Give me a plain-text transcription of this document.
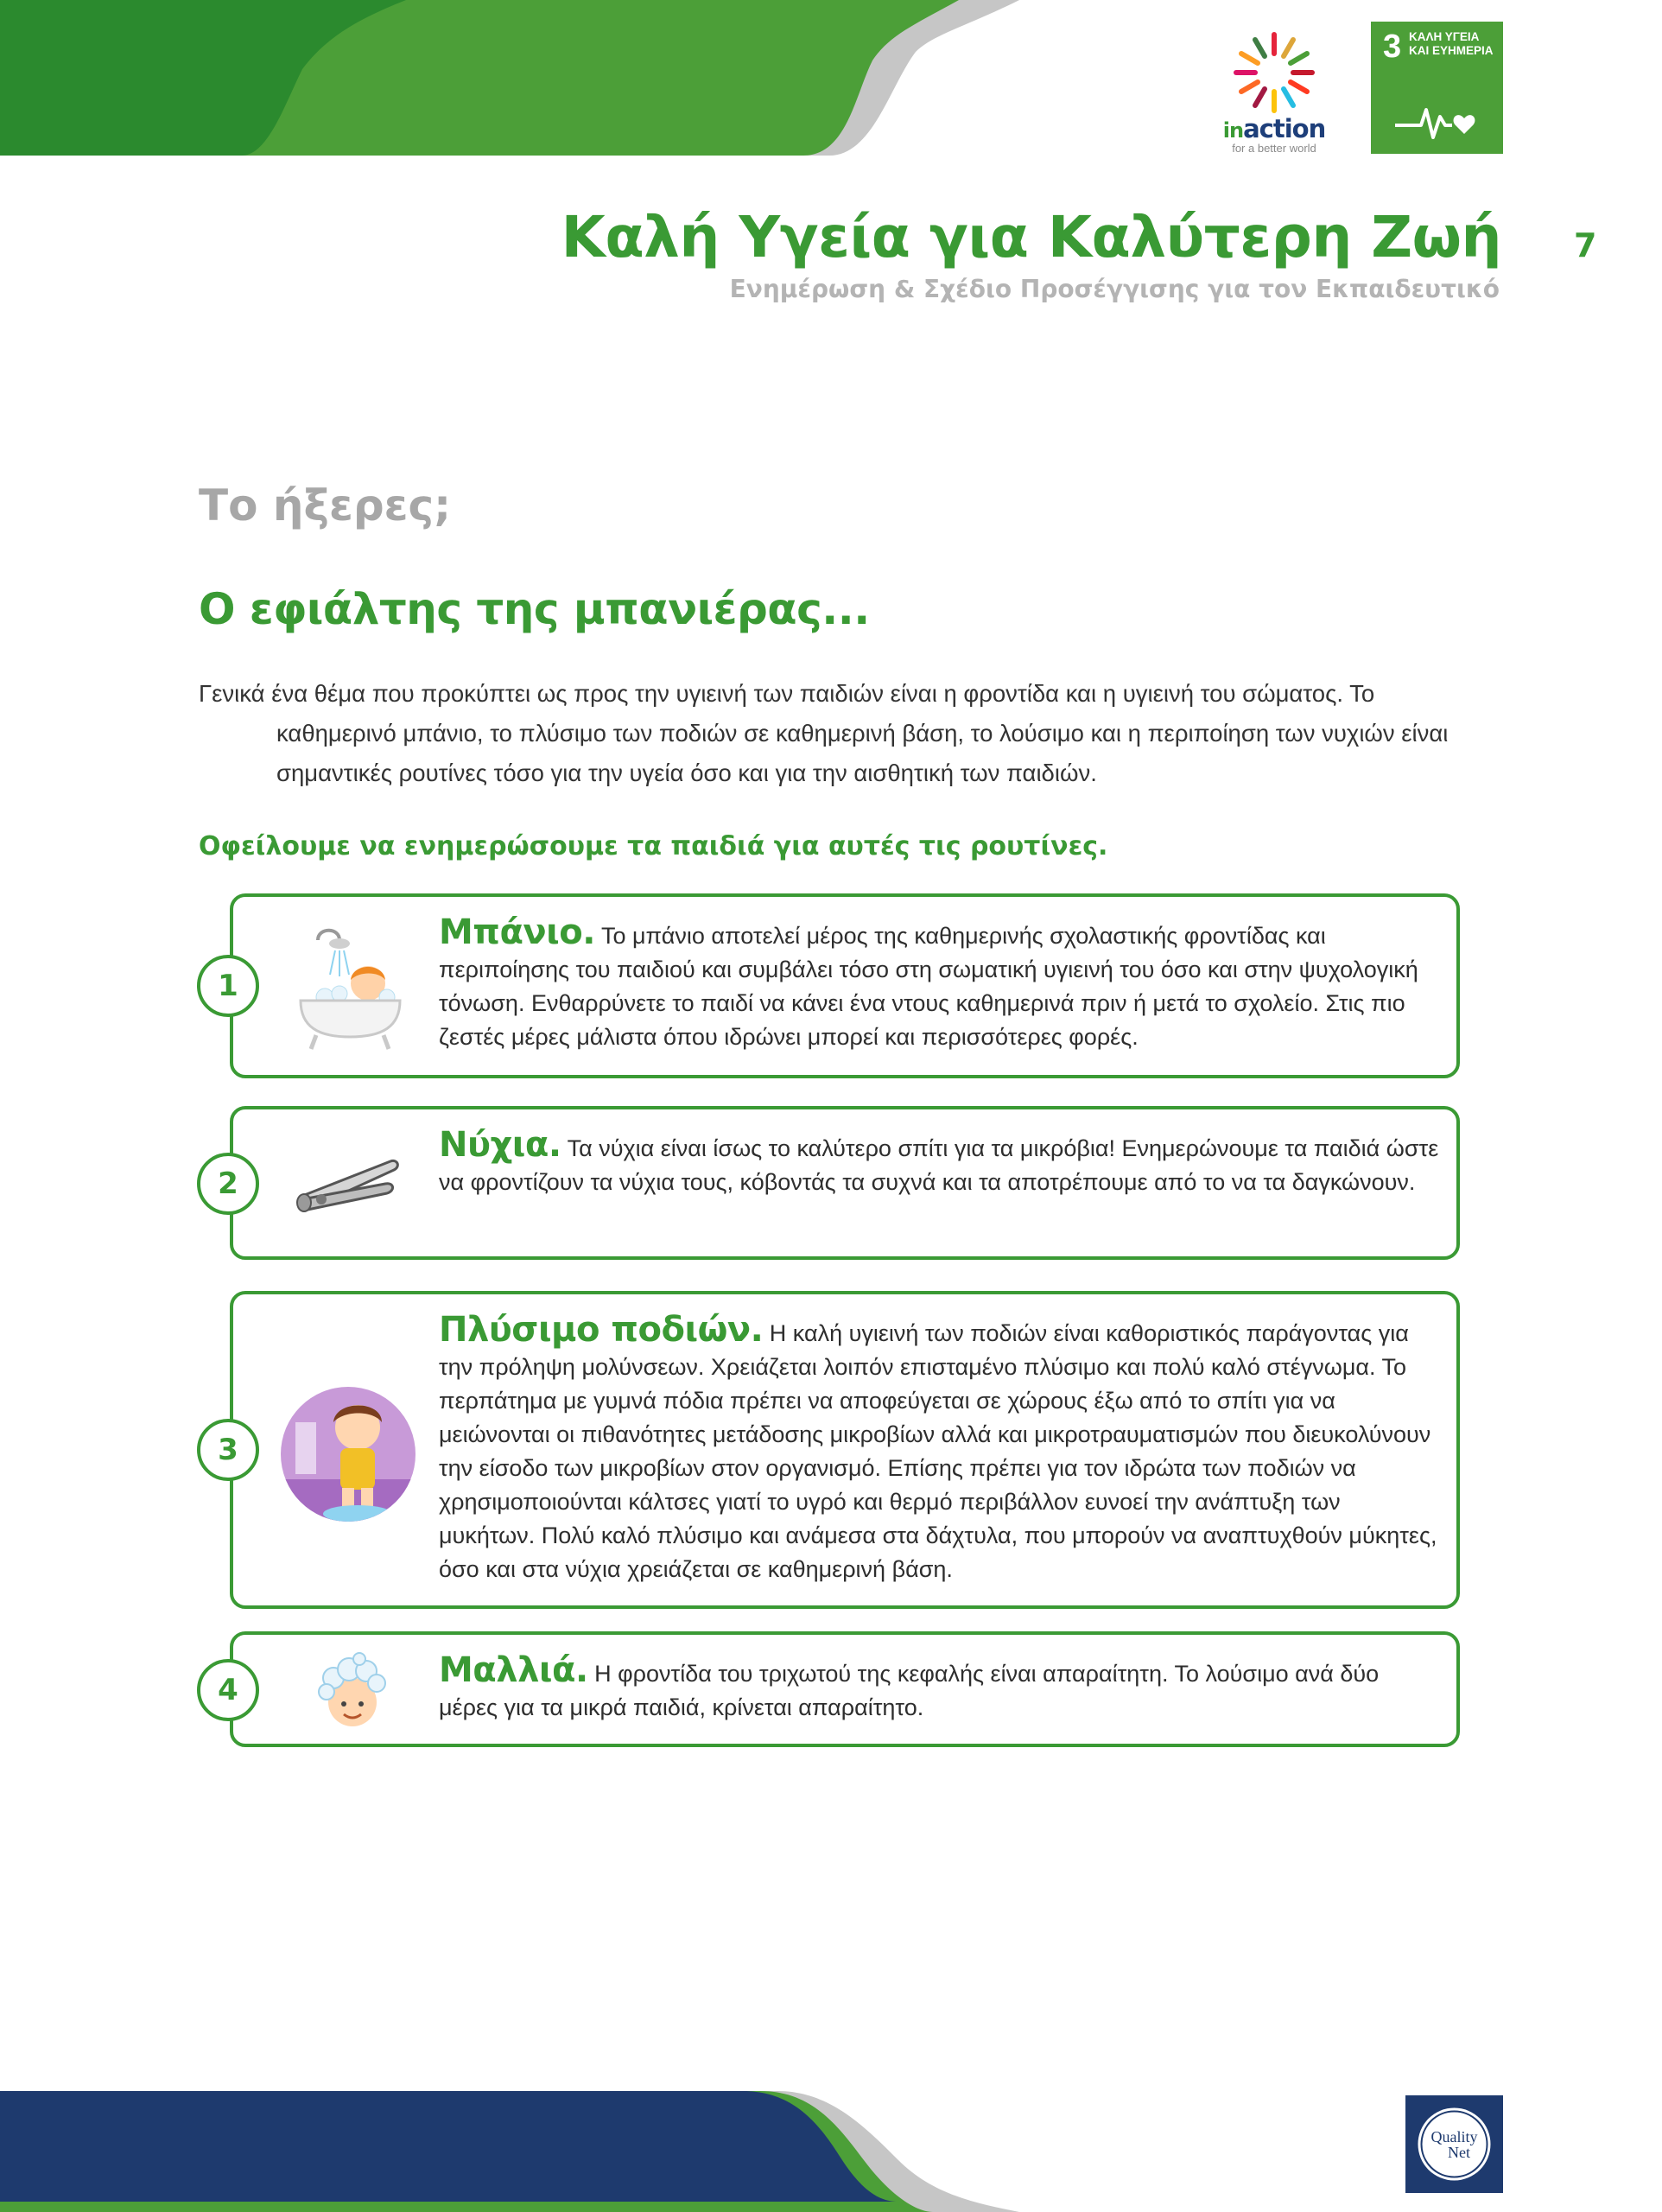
inaction
for a better world
3 ΚΑΛΗ ΥΓΕΙΑ ΚΑΙ ΕΥΗΜΕΡΙΑ
Καλή Υγεία για Καλύτερη Ζωή 7
Ενημέρωση & Σχέδιο Προσέγγισης για τον Εκπαιδευτικό
Το ήξερες;
Ο εφιάλτης της μπανιέρας...
Γενικά ένα θέμα που προκύπτει ως προς την υγιεινή των παιδιών είναι η φροντίδα και η υγιεινή του σώματος. Το
καθημερινό μπάνιο, το πλύσιμο των ποδιών σε καθημερινή βάση, το λούσιμο και η περιποίηση των νυχιών είναι σημαντικές ρουτίνες τόσο για την υγεία όσο και για την αισθητική των παιδιών.
Οφείλουμε να ενημερώσουμε τα παιδιά για αυτές τις ρουτίνες.
Μπάνιο. Το μπάνιο αποτελεί μέρος της καθημερινής σχολαστικής φροντίδας και περιποίησης του παιδιού και συμβάλει τόσο στη σωματική υγιεινή του όσο και στην ψυχολογική τόνωση. Ενθαρρύνετε το παιδί να κάνει ένα ντους καθημερινά πριν ή μετά το σχολείο. Στις πιο ζεστές μέρες μάλιστα όπου ιδρώνει μπορεί και περισσότερες φορές.
1
Νύχια. Τα νύχια είναι ίσως το καλύτερο σπίτι για τα μικρόβια! Ενημερώνουμε τα παιδιά ώστε να φροντίζουν τα νύχια τους, κόβοντάς τα συχνά και τα αποτρέπουμε από το να τα δαγκώνουν.
2
Πλύσιμο ποδιών. Η καλή υγιεινή των ποδιών είναι καθοριστικός παράγοντας για την πρόληψη μολύνσεων. Χρειάζεται λοιπόν επισταμένο πλύσιμο και πολύ καλό στέγνωμα. Το περπάτημα με γυμνά πόδια πρέπει να αποφεύγεται σε χώρους έξω από το σπίτι για να μειώνονται οι πιθανότητες μετάδοσης μικροβίων αλλά και μικροτραυματισμών που διευκολύνουν την είσοδο των μικροβίων στον οργανισμό. Επίσης πρέπει για τον ιδρώτα των ποδιών να χρησιμοποιούνται κάλτσες γιατί το υγρό και θερμό περιβάλλον ευνοεί την ανάπτυξη των μυκήτων. Πολύ καλό πλύσιμο και ανάμεσα στα δάχτυλα, που μπορούν να αναπτυχθούν μύκητες, όσο και στα νύχια χρειάζεται σε καθημερινή βάση.
3
Μαλλιά. Η φροντίδα του τριχωτού της κεφαλής είναι απαραίτητη. Το λούσιμο ανά δύο μέρες για τα μικρά παιδιά, κρίνεται απαραίτητο.
4
Quality
Net
